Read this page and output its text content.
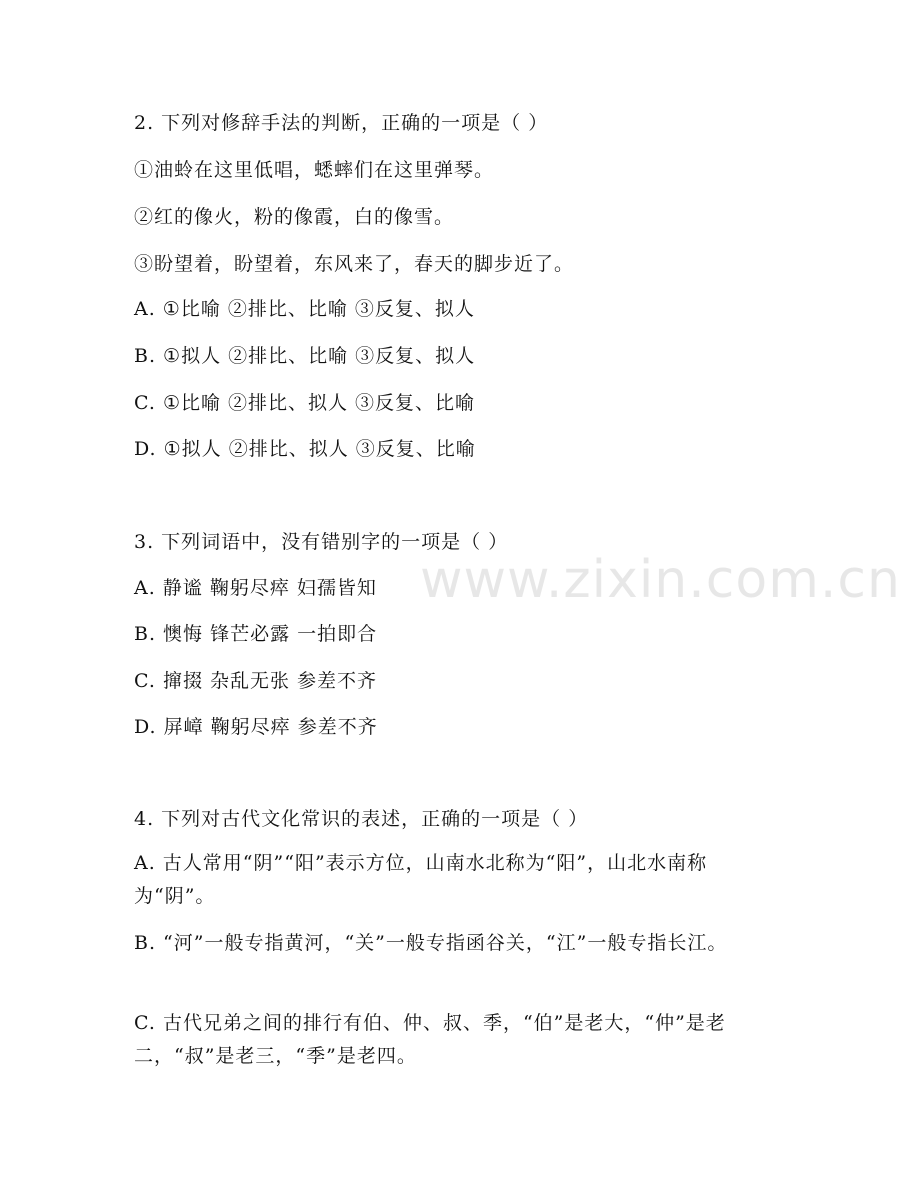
www.zixin.com.cn
2. 下列对修辞手法的判断，正确的一项是（ ）
①油蛉在这里低唱，蟋蟀们在这里弹琴。
②红的像火，粉的像霞，白的像雪。
③盼望着，盼望着，东风来了，春天的脚步近了。
A. ①比喻 ②排比、比喻 ③反复、拟人
B. ①拟人 ②排比、比喻 ③反复、拟人
C. ①比喻 ②排比、拟人 ③反复、比喻
D. ①拟人 ②排比、拟人 ③反复、比喻
3. 下列词语中，没有错别字的一项是（ ）
A. 静谧 鞠躬尽瘁 妇孺皆知
B. 懊悔 锋芒必露 一拍即合
C. 撺掇 杂乱无张 参差不齐
D. 屏嶂 鞠躬尽瘁 参差不齐
4. 下列对古代文化常识的表述，正确的一项是（ ）
A. 古人常用“阴”“阳”表示方位，山南水北称为“阳”，山北水南称为“阴”。
B. “河”一般专指黄河，“关”一般专指函谷关，“江”一般专指长江。
C. 古代兄弟之间的排行有伯、仲、叔、季，“伯”是老大，“仲”是老二，“叔”是老三，“季”是老四。
